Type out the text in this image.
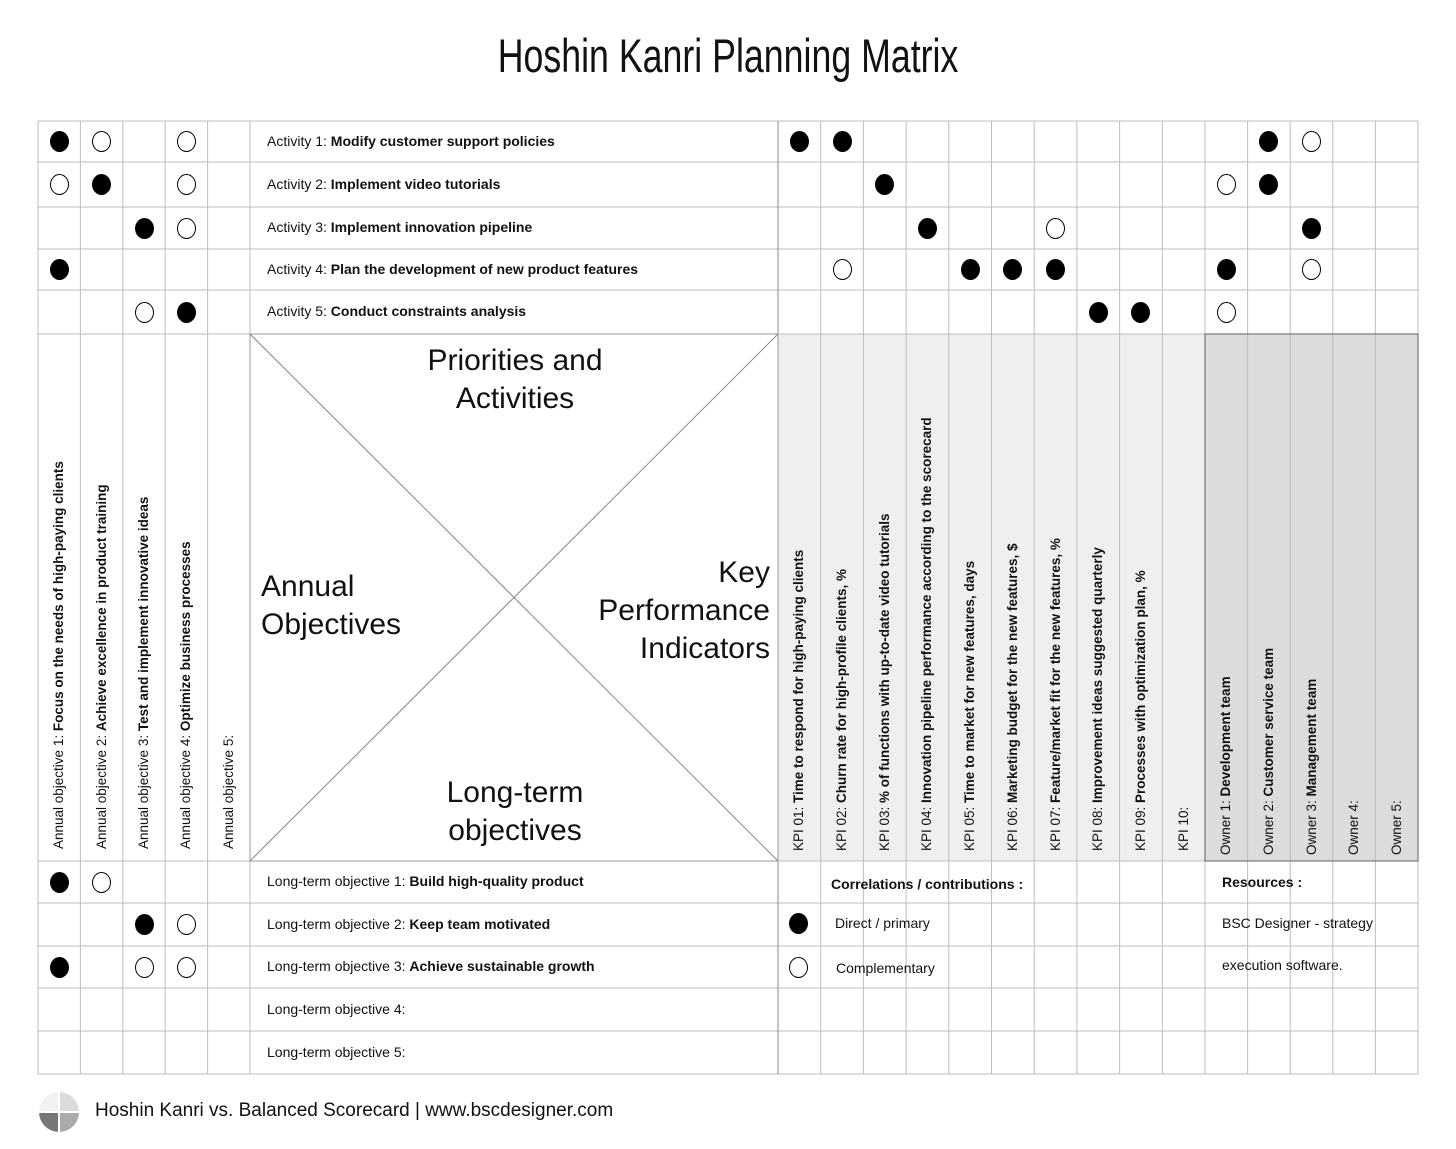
Hoshin Kanri Planning Matrix
Priorities and
Activities
Annual
Objectives
Key
Performance
Indicators
Long-term
objectives
Activity 1: Modify customer support policies
Activity 2: Implement video tutorials
Activity 3: Implement innovation pipeline
Activity 4: Plan the development of new product features
Activity 5: Conduct constraints analysis
Long-term objective 1: Build high-quality product
Long-term objective 2: Keep team motivated
Long-term objective 3: Achieve sustainable growth
Long-term objective 4:
Long-term objective 5:
Annual objective 1: Focus on the needs of high-paying clients
Annual objective 2: Achieve excellence in product training
Annual objective 3: Test and implement innovative ideas
Annual objective 4: Optimize business processes
Annual objective 5:	KPI 01: Time to respond for high-paying clients
KPI 02: Churn rate for high-profile clients, %
KPI 03: % of functions with up-to-date video tutorials
KPI 04: Innovation pipeline performance according to the scorecard
KPI 05: Time to market for new features, days
KPI 06: Marketing budget for the new features, $
KPI 07: Feature/market fit for the new features, %
KPI 08: Improvement ideas suggested quarterly
KPI 09: Processes with optimization plan, %
KPI 10: Owner 1: Development team
Owner 2: Customer service team
Owner 3: Management team
Owner 4: Owner 5:
Correlations / contributions :
Direct / primary
Complementary
Resources :
BSC Designer - strategy
execution software.
Hoshin Kanri vs. Balanced Scorecard | www.bscdesigner.com
